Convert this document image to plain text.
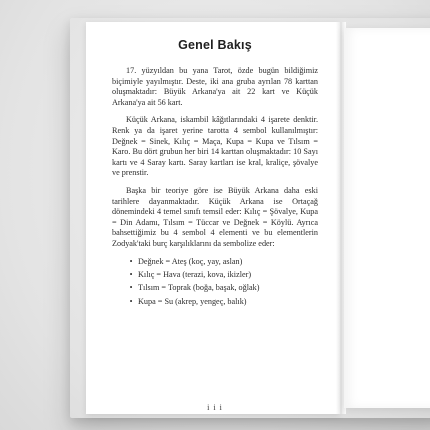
Genel Bakış

17. yüzyıldan bu yana Tarot, özde bugün bildiğimiz biçimiyle yayılmıştır. Deste, iki ana gruba ayrılan 78 karttan oluşmaktadır: Büyük Arkana'ya ait 22 kart ve Küçük Arkana'ya ait 56 kart.

Küçük Arkana, iskambil kâğıtlarındaki 4 işarete denktir. Renk ya da işaret yerine tarotta 4 sembol kullanılmıştır: Değnek = Sinek, Kılıç = Maça, Kupa = Kupa ve Tılsım = Karo. Bu dört grubun her biri 14 karttan oluşmaktadır: 10 Sayı kartı ve 4 Saray kartı. Saray kartları ise kral, kraliçe, şövalye ve prenstir.

Başka bir teoriye göre ise Büyük Arkana daha eski tarihlere dayanmaktadır. Küçük Arkana ise Ortaçağ dönemindeki 4 temel sınıfı temsil eder: Kılıç = Şövalye, Kupa = Din Adamı, Tılsım = Tüccar ve Değnek = Köylü. Ayrıca bahsettiğimiz bu 4 sembol 4 elementi ve bu elementlerin Zodyak'taki burç karşılıklarını da sembolize eder:

• Değnek = Ateş (koç, yay, aslan)
• Kılıç = Hava (terazi, kova, ikizler)
• Tılsım = Toprak (boğa, başak, oğlak)
• Kupa = Su (akrep, yengeç, balık)
i i i
